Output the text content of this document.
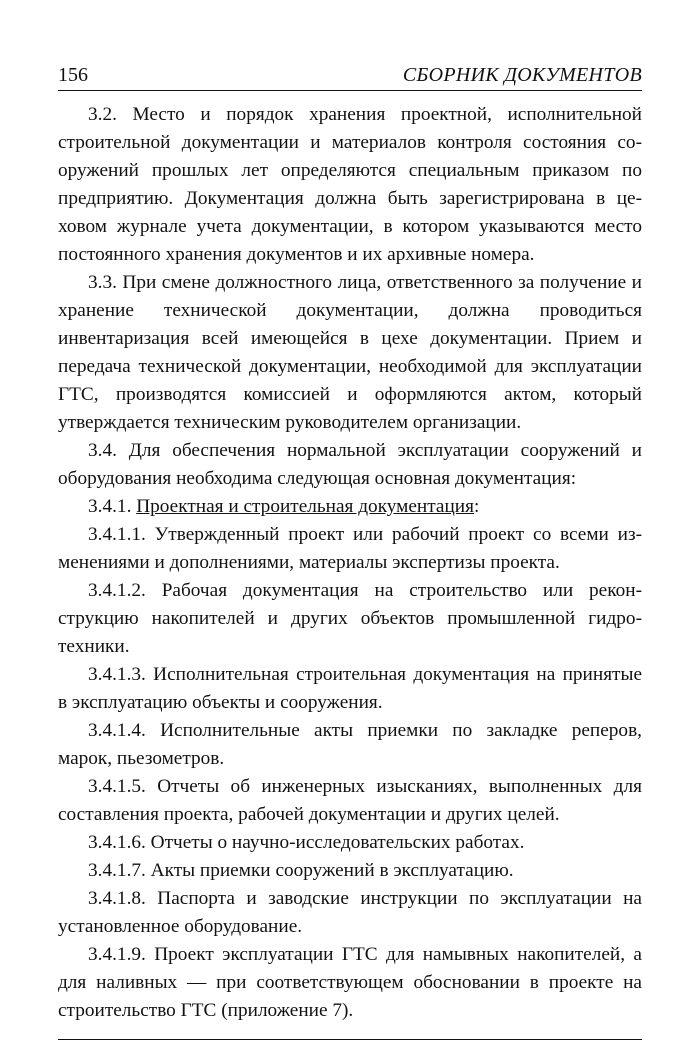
156	СБОРНИК ДОКУМЕНТОВ

3.2. Место и порядок хранения проектной, исполнительной строительной документации и материалов контроля состояния сооружений прошлых лет определяются специальным приказом по предприятию. Документация должна быть зарегистрирована в цеховом журнале учета документации, в котором указываются место постоянного хранения документов и их архивные номера.

3.3. При смене должностного лица, ответственного за получение и хранение технической документации, должна проводиться инвентаризация всей имеющейся в цехе документации. Прием и передача технической документации, необходимой для эксплуатации ГТС, производятся комиссией и оформляются актом, который утверждается техническим руководителем организации.

3.4. Для обеспечения нормальной эксплуатации сооружений и оборудования необходима следующая основная документация:

3.4.1. Проектная и строительная документация:

3.4.1.1. Утвержденный проект или рабочий проект со всеми изменениями и дополнениями, материалы экспертизы проекта.

3.4.1.2. Рабочая документация на строительство или реконструкцию накопителей и других объектов промышленной гидротехники.

3.4.1.3. Исполнительная строительная документация на принятые в эксплуатацию объекты и сооружения.

3.4.1.4. Исполнительные акты приемки по закладке реперов, марок, пьезометров.

3.4.1.5. Отчеты об инженерных изысканиях, выполненных для составления проекта, рабочей документации и других целей.

3.4.1.6. Отчеты о научно-исследовательских работах.

3.4.1.7. Акты приемки сооружений в эксплуатацию.

3.4.1.8. Паспорта и заводские инструкции по эксплуатации на установленное оборудование.

3.4.1.9. Проект эксплуатации ГТС для намывных накопителей, а для наливных — при соответствующем обосновании в проекте на строительство ГТС (приложение 7).
